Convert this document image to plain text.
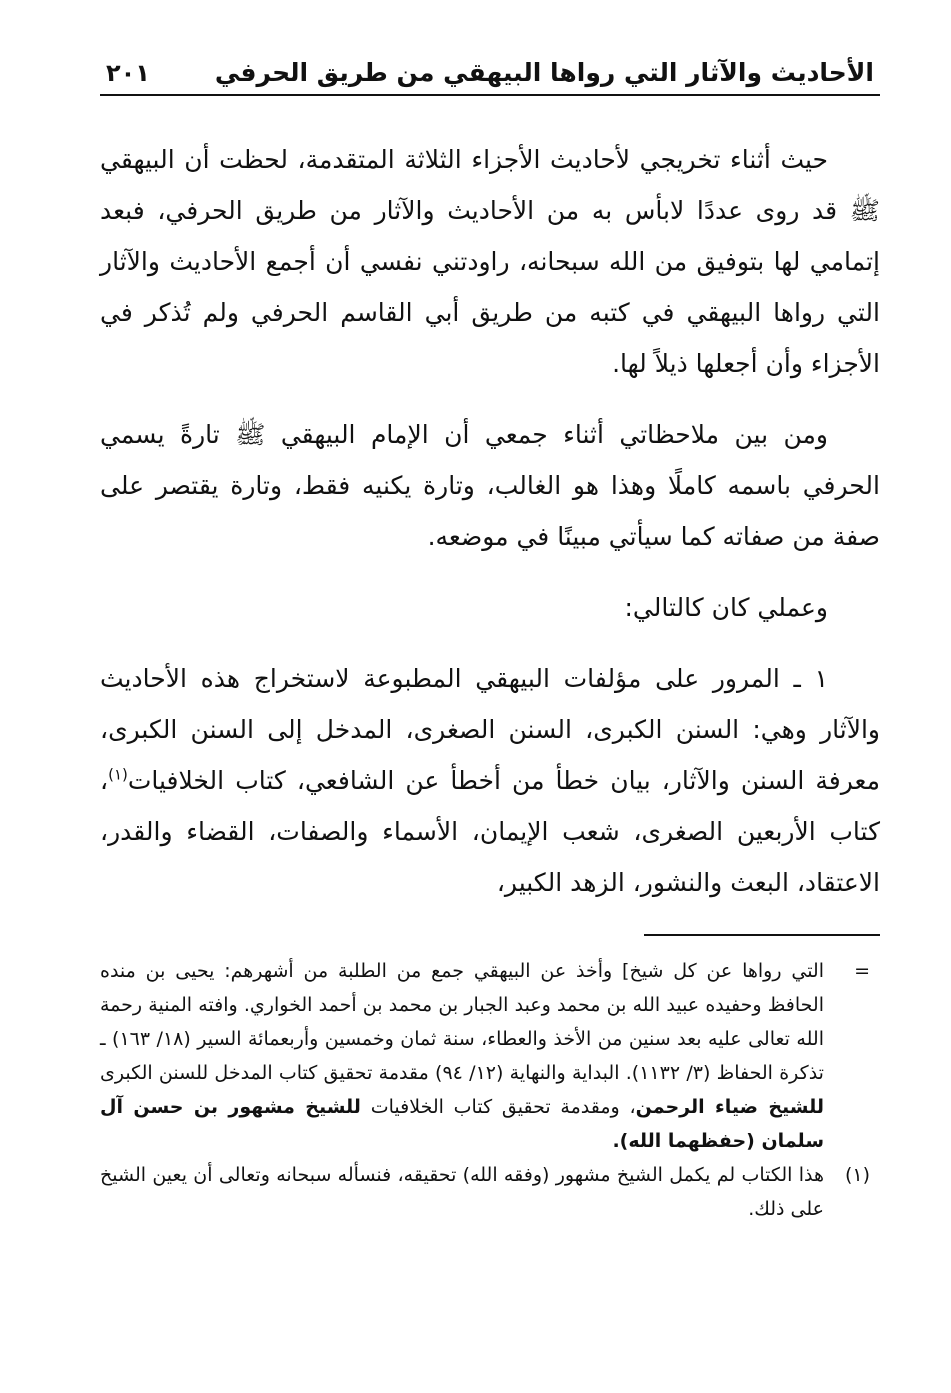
الأحاديث والآثار التي رواها البيهقي من طريق الحرفي
٢٠١

حيث أثناء تخريجي لأحاديث الأجزاء الثلاثة المتقدمة، لحظت أن البيهقي ﷺ قد روى عددًا لابأس به من الأحاديث والآثار من طريق الحرفي، فبعد إتمامي لها بتوفيق من الله سبحانه، راودتني نفسي أن أجمع الأحاديث والآثار التي رواها البيهقي في كتبه من طريق أبي القاسم الحرفي ولم تُذكر في الأجزاء وأن أجعلها ذيلاً لها.

ومن بين ملاحظاتي أثناء جمعي أن الإمام البيهقي ﷺ تارةً يسمي الحرفي باسمه كاملًا وهذا هو الغالب، وتارة يكنيه فقط، وتارة يقتصر على صفة من صفاته كما سيأتي مبينًا في موضعه.

وعملي كان كالتالي:

١ ـ المرور على مؤلفات البيهقي المطبوعة لاستخراج هذه الأحاديث والآثار وهي: السنن الكبرى، السنن الصغرى، المدخل إلى السنن الكبرى، معرفة السنن والآثار، بيان خطأ من أخطأ عن الشافعي، كتاب الخلافيات$^{(١)}$، كتاب الأربعين الصغرى، شعب الإيمان، الأسماء والصفات، القضاء والقدر، الاعتقاد، البعث والنشور، الزهد الكبير،

=
التي رواها عن كل شيخ] وأخذ عن البيهقي جمع من الطلبة من أشهرهم: يحيى بن منده الحافظ وحفيده عبيد الله بن محمد وعبد الجبار بن محمد بن أحمد الخواري. وافته المنية رحمة الله تعالى عليه بعد سنين من الأخذ والعطاء، سنة ثمان وخمسين وأربعمائة السير (١٨/ ١٦٣) ـ تذكرة الحفاظ (٣/ ١١٣٢). البداية والنهاية (١٢/ ٩٤) مقدمة تحقيق كتاب المدخل للسنن الكبرى للشيخ ضياء الرحمن، ومقدمة تحقيق كتاب الخلافيات للشيخ مشهور بن حسن آل سلمان (حفظهما الله).
(١)
هذا الكتاب لم يكمل الشيخ مشهور (وفقه الله) تحقيقه، فنسأله سبحانه وتعالى أن يعين الشيخ على ذلك.
